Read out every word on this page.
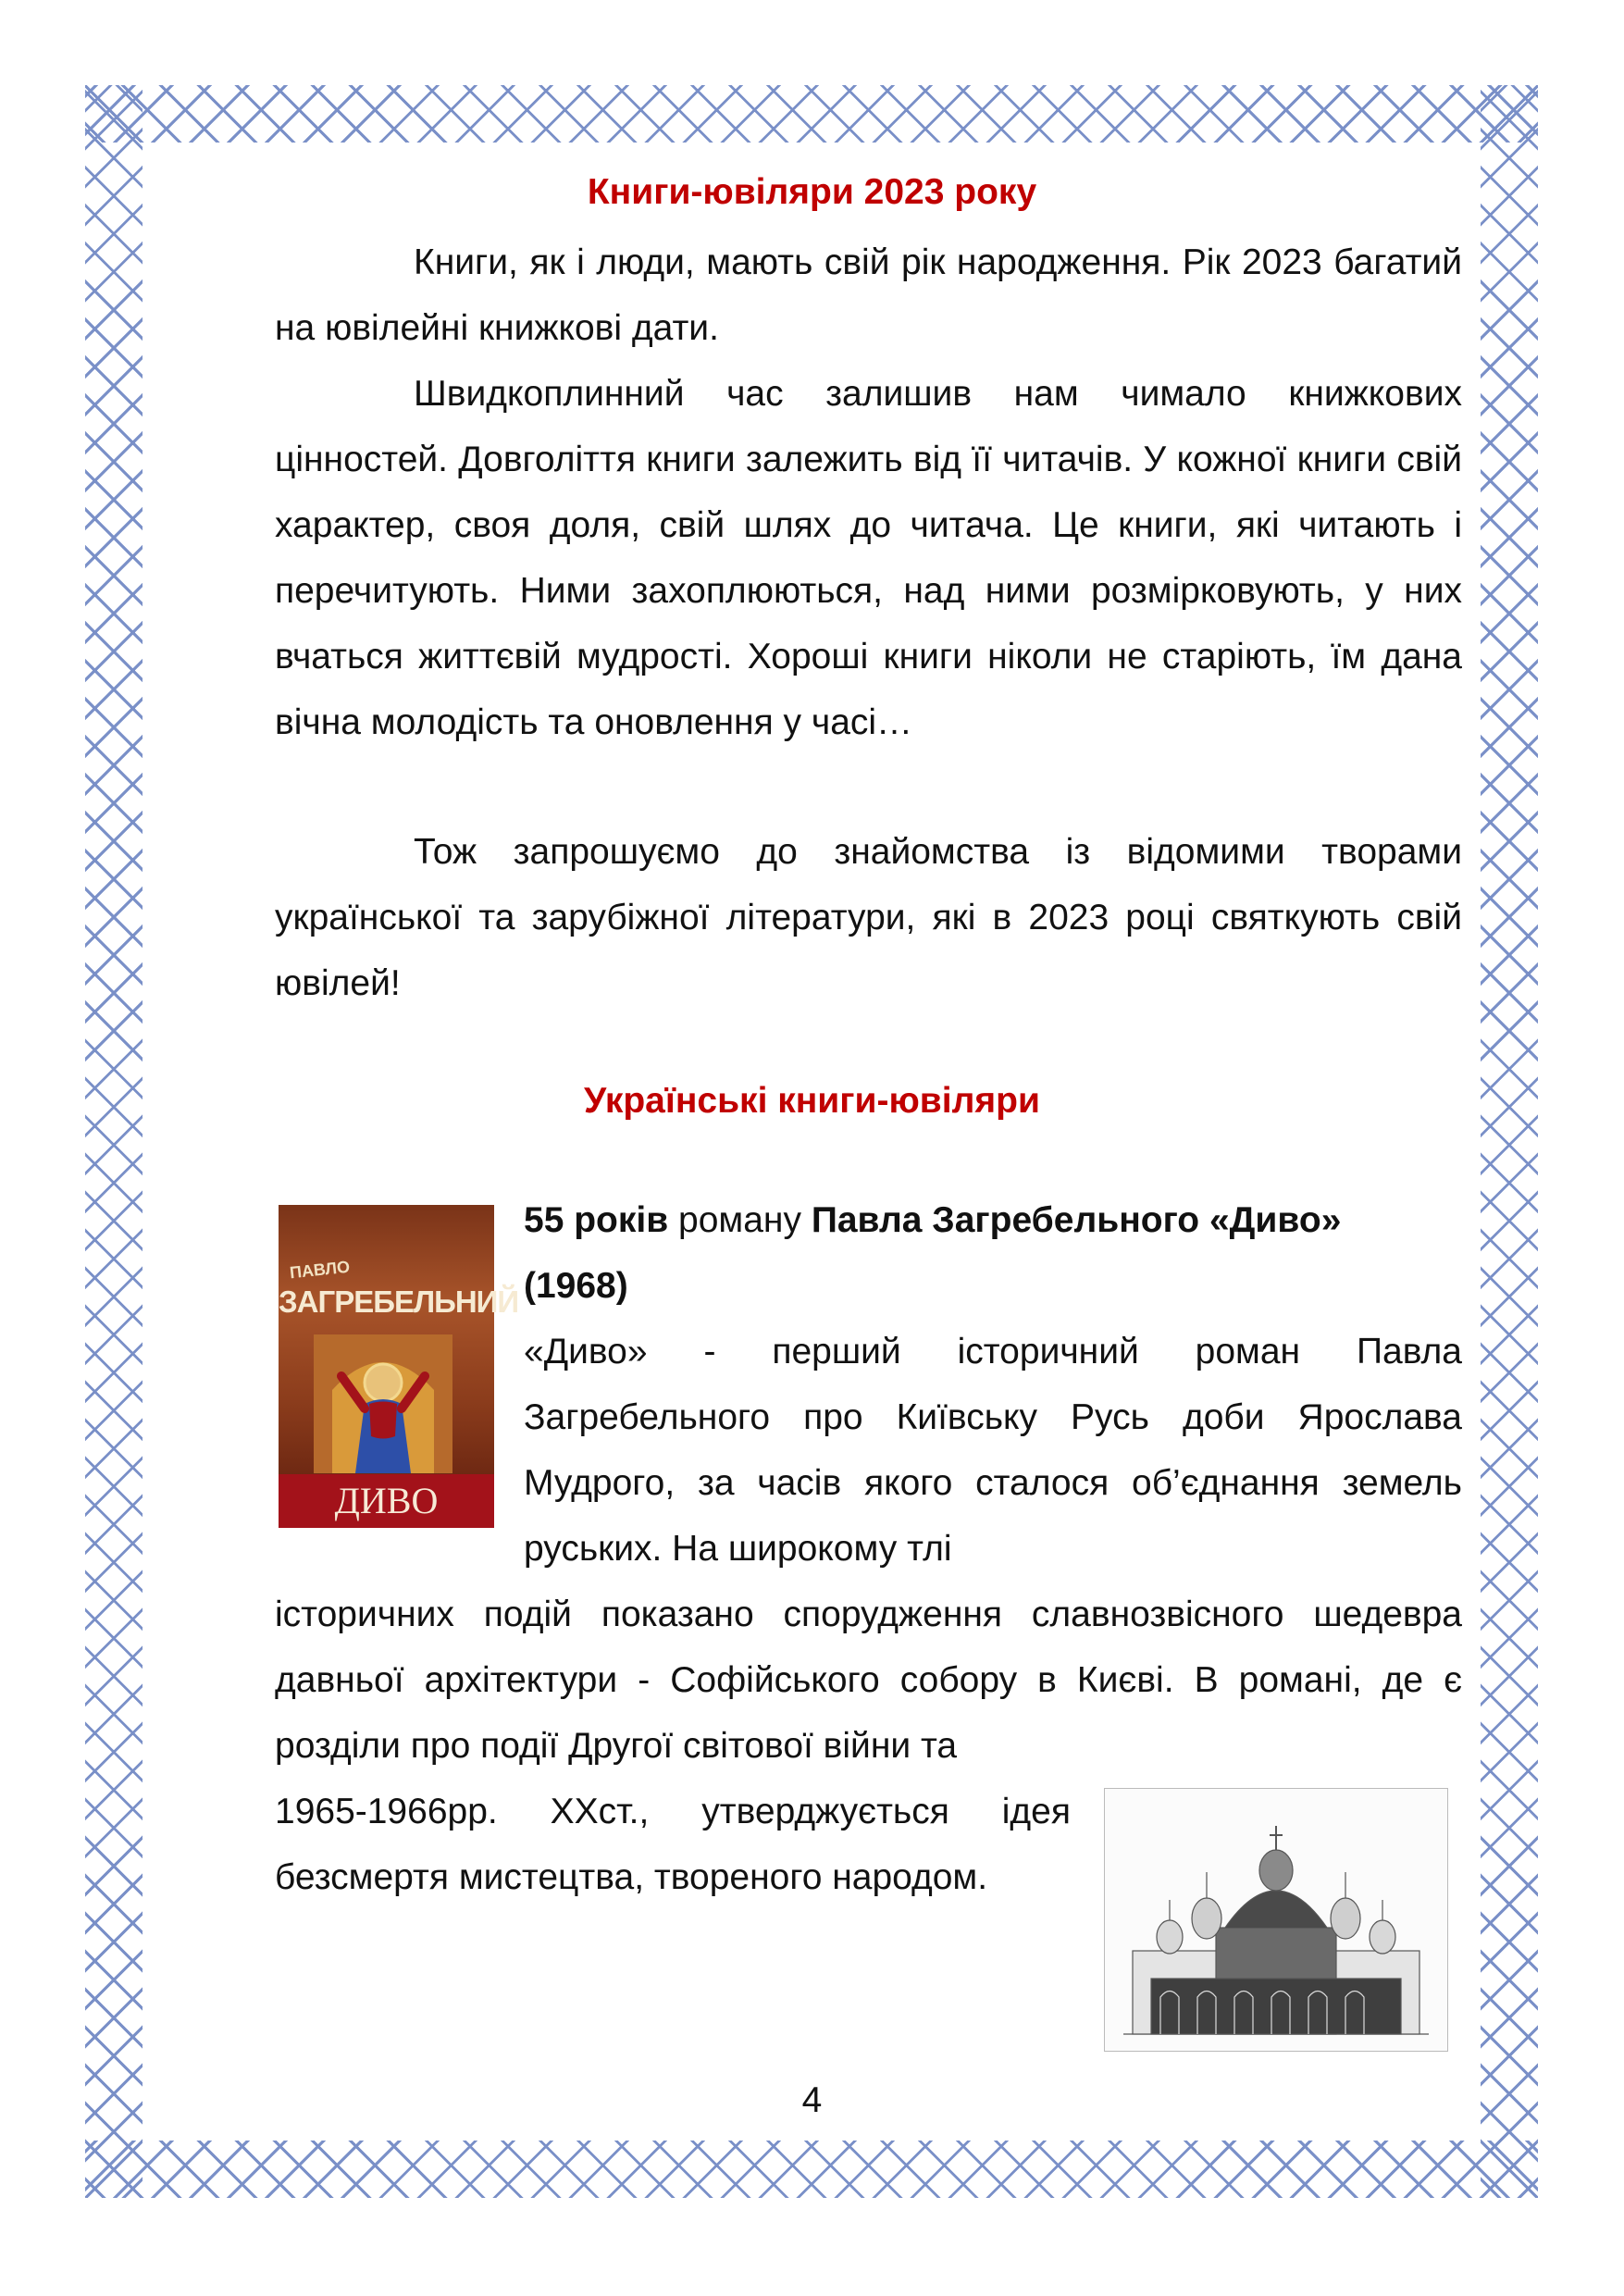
Книги-ювіляри 2023 року

Книги, як і люди, мають свій рік народження. Рік 2023 багатий на ювілейні книжкові дати.

Швидкоплинний час залишив нам чимало книжкових цінностей. Довголіття книги залежить від її читачів. У кожної книги свій характер, своя доля, свій шлях до читача. Це книги, які читають і перечитують. Ними захоплюються, над ними розмірковують, у них вчаться життєвій мудрості. Хороші книги ніколи не старіють, їм дана вічна молодість та оновлення у часі…

Тож запрошуємо до знайомства із відомими творами української та зарубіжної літератури, які в 2023 році святкують свій ювілей!

Українські книги-ювіляри
ПАВЛО
ЗАГРЕБЕЛЬНИЙ
ДИВО
55 років роману Павла Загребельного «Диво»
(1968)
«Диво» - перший історичний роман Павла Загребельного про Київську Русь доби Ярослава Мудрого, за часів якого сталося об’єднання земель руських. На широкому тлі
історичних подій показано спорудження славнозвісного шедевра давньої архітектури - Софійського собору в Києві. В романі, де є розділи про події Другої світової війни та
1965-1966рр. ХХст., утверджується ідея безсмертя мистецтва, твореного народом.
4
